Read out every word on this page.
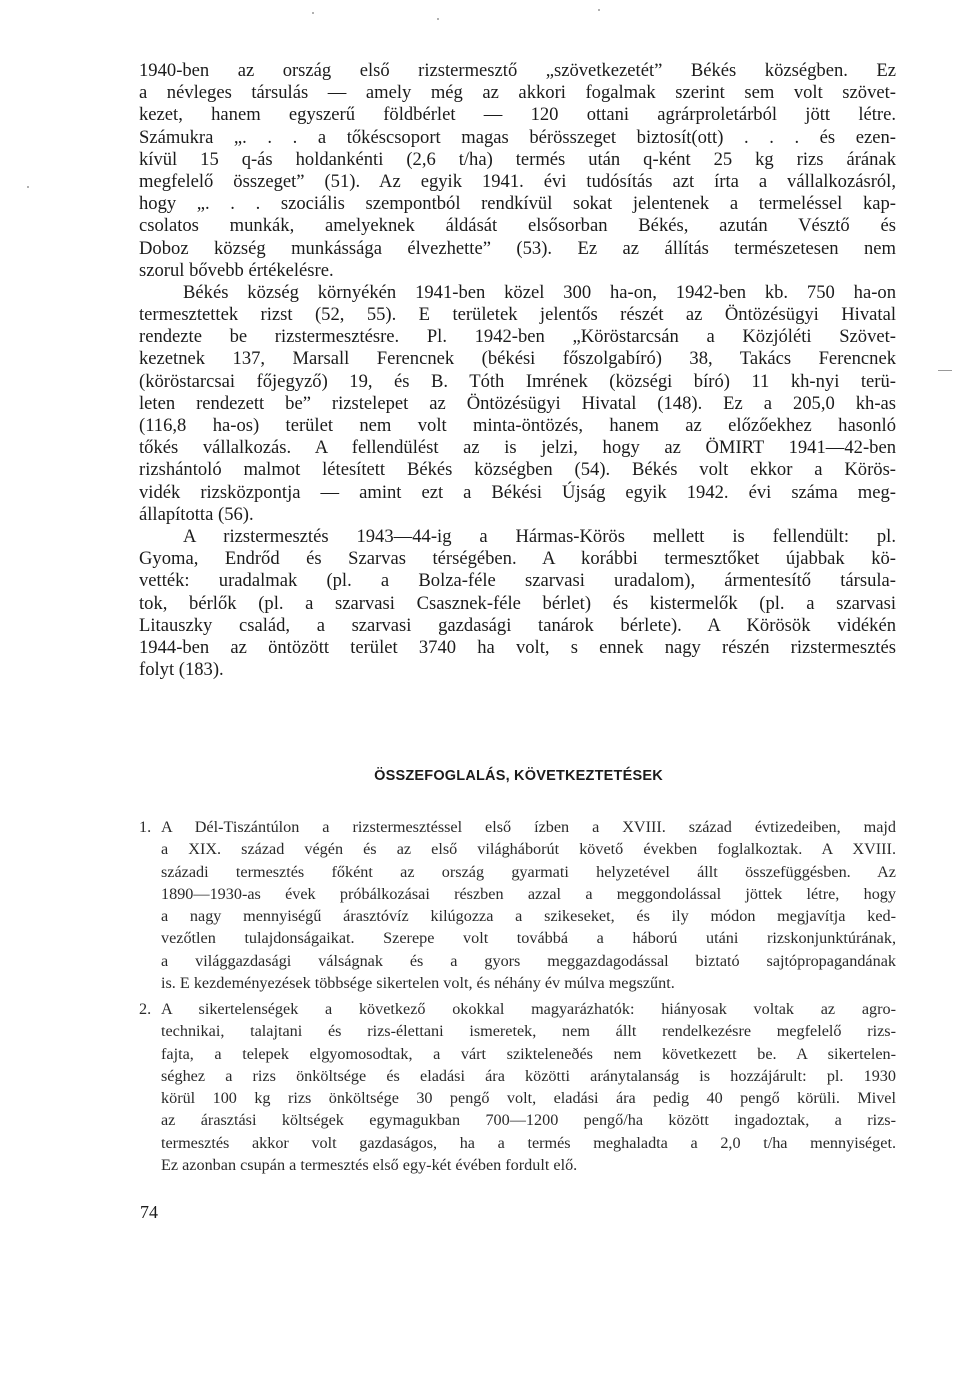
1940-ben az ország első rizstermesztő „szövetkezetét” Békés községben. Ez
a névleges társulás — amely még az akkori fogalmak szerint sem volt szövet-
kezet, hanem egyszerű földbérlet — 120 ottani agrárproletárból jött létre.
Számukra „. . . a tőkéscsoport magas bérösszeget biztosít(ott) . . . és ezen-
kívül 15 q-ás holdankénti (2,6 t/ha) termés után q-ként 25 kg rizs árának
megfelelő összeget” (51). Az egyik 1941. évi tudósítás azt írta a vállalkozásról,
hogy „. . . szociális szempontból rendkívül sokat jelentenek a termeléssel kap-
csolatos munkák, amelyeknek áldását elsősorban Békés, azután Vésztő és
Doboz község munkássága élvezhette” (53). Ez az állítás természetesen nem
szorul bővebb értékelésre.
Békés község környékén 1941-ben közel 300 ha-on, 1942-ben kb. 750 ha-on
termesztettek rizst (52, 55). E területek jelentős részét az Öntözésügyi Hivatal
rendezte be rizstermesztésre. Pl. 1942-ben „Köröstarcsán a Közjóléti Szövet-
kezetnek 137, Marsall Ferencnek (békési főszolgabíró) 38, Takács Ferencnek
(köröstarcsai főjegyző) 19, és B. Tóth Imrének (községi bíró) 11 kh-nyi terü-
leten rendezett be” rizstelepet az Öntözésügyi Hivatal (148). Ez a 205,0 kh-as
(116,8 ha-os) terület nem volt minta-öntözés, hanem az előzőekhez hasonló
tőkés vállalkozás. A fellendülést az is jelzi, hogy az ÖMIRT 1941—42-ben
rizshántoló malmot létesített Békés községben (54). Békés volt ekkor a Körös-
vidék rizsközpontja — amint ezt a Békési Újság egyik 1942. évi száma meg-
állapította (56).
A rizstermesztés 1943—44-ig a Hármas-Körös mellett is fellendült: pl.
Gyoma, Endrőd és Szarvas térségében. A korábbi termesztőket újabbak kö-
vették: uradalmak (pl. a Bolza-féle szarvasi uradalom), ármentesítő társula-
tok, bérlők (pl. a szarvasi Csasznek-féle bérlet) és kistermelők (pl. a szarvasi
Litauszky család, a szarvasi gazdasági tanárok bérlete). A Körösök vidékén
1944-ben az öntözött terület 3740 ha volt, s ennek nagy részén rizstermesztés
folyt (183).
ÖSSZEFOGLALÁS, KÖVETKEZTETÉSEK
1. A Dél-Tiszántúlon a rizstermesztéssel első ízben a XVIII. század évtizedeiben, majd
a XIX. század végén és az első világháborút követő években foglalkoztak. A XVIII.
századi termesztés főként az ország gyarmati helyzetével állt összefüggésben. Az
1890—1930-as évek próbálkozásai részben azzal a meggondolással jöttek létre, hogy
a nagy mennyiségű árasztóvíz kilúgozza a szikeseket, és ily módon megjavítja ked-
vezőtlen tulajdonságaikat. Szerepe volt továbbá a háború utáni rizskonjunktúrának,
a világgazdasági válságnak és a gyors meggazdagodással biztató sajtópropagandának
is. E kezdeményezések többsége sikertelen volt, és néhány év múlva megszűnt.
2. A sikertelenségek a következő okokkal magyarázhatók: hiányosak voltak az agro-
technikai, talajtani és rizs-élettani ismeretek, nem állt rendelkezésre megfelelő rizs-
fajta, a telepek elgyomosodtak, a várt szikteleneðés nem következett be. A sikertelen-
séghez a rizs önköltsége és eladási ára közötti aránytalanság is hozzájárult: pl. 1930
körül 100 kg rizs önköltsége 30 pengő volt, eladási ára pedig 40 pengő körüli. Mivel
az árasztási költségek egymagukban 700—1200 pengő/ha között ingadoztak, a rizs-
termesztés akkor volt gazdaságos, ha a termés meghaladta a 2,0 t/ha mennyiséget.
Ez azonban csupán a termesztés első egy-két évében fordult elő.
74
